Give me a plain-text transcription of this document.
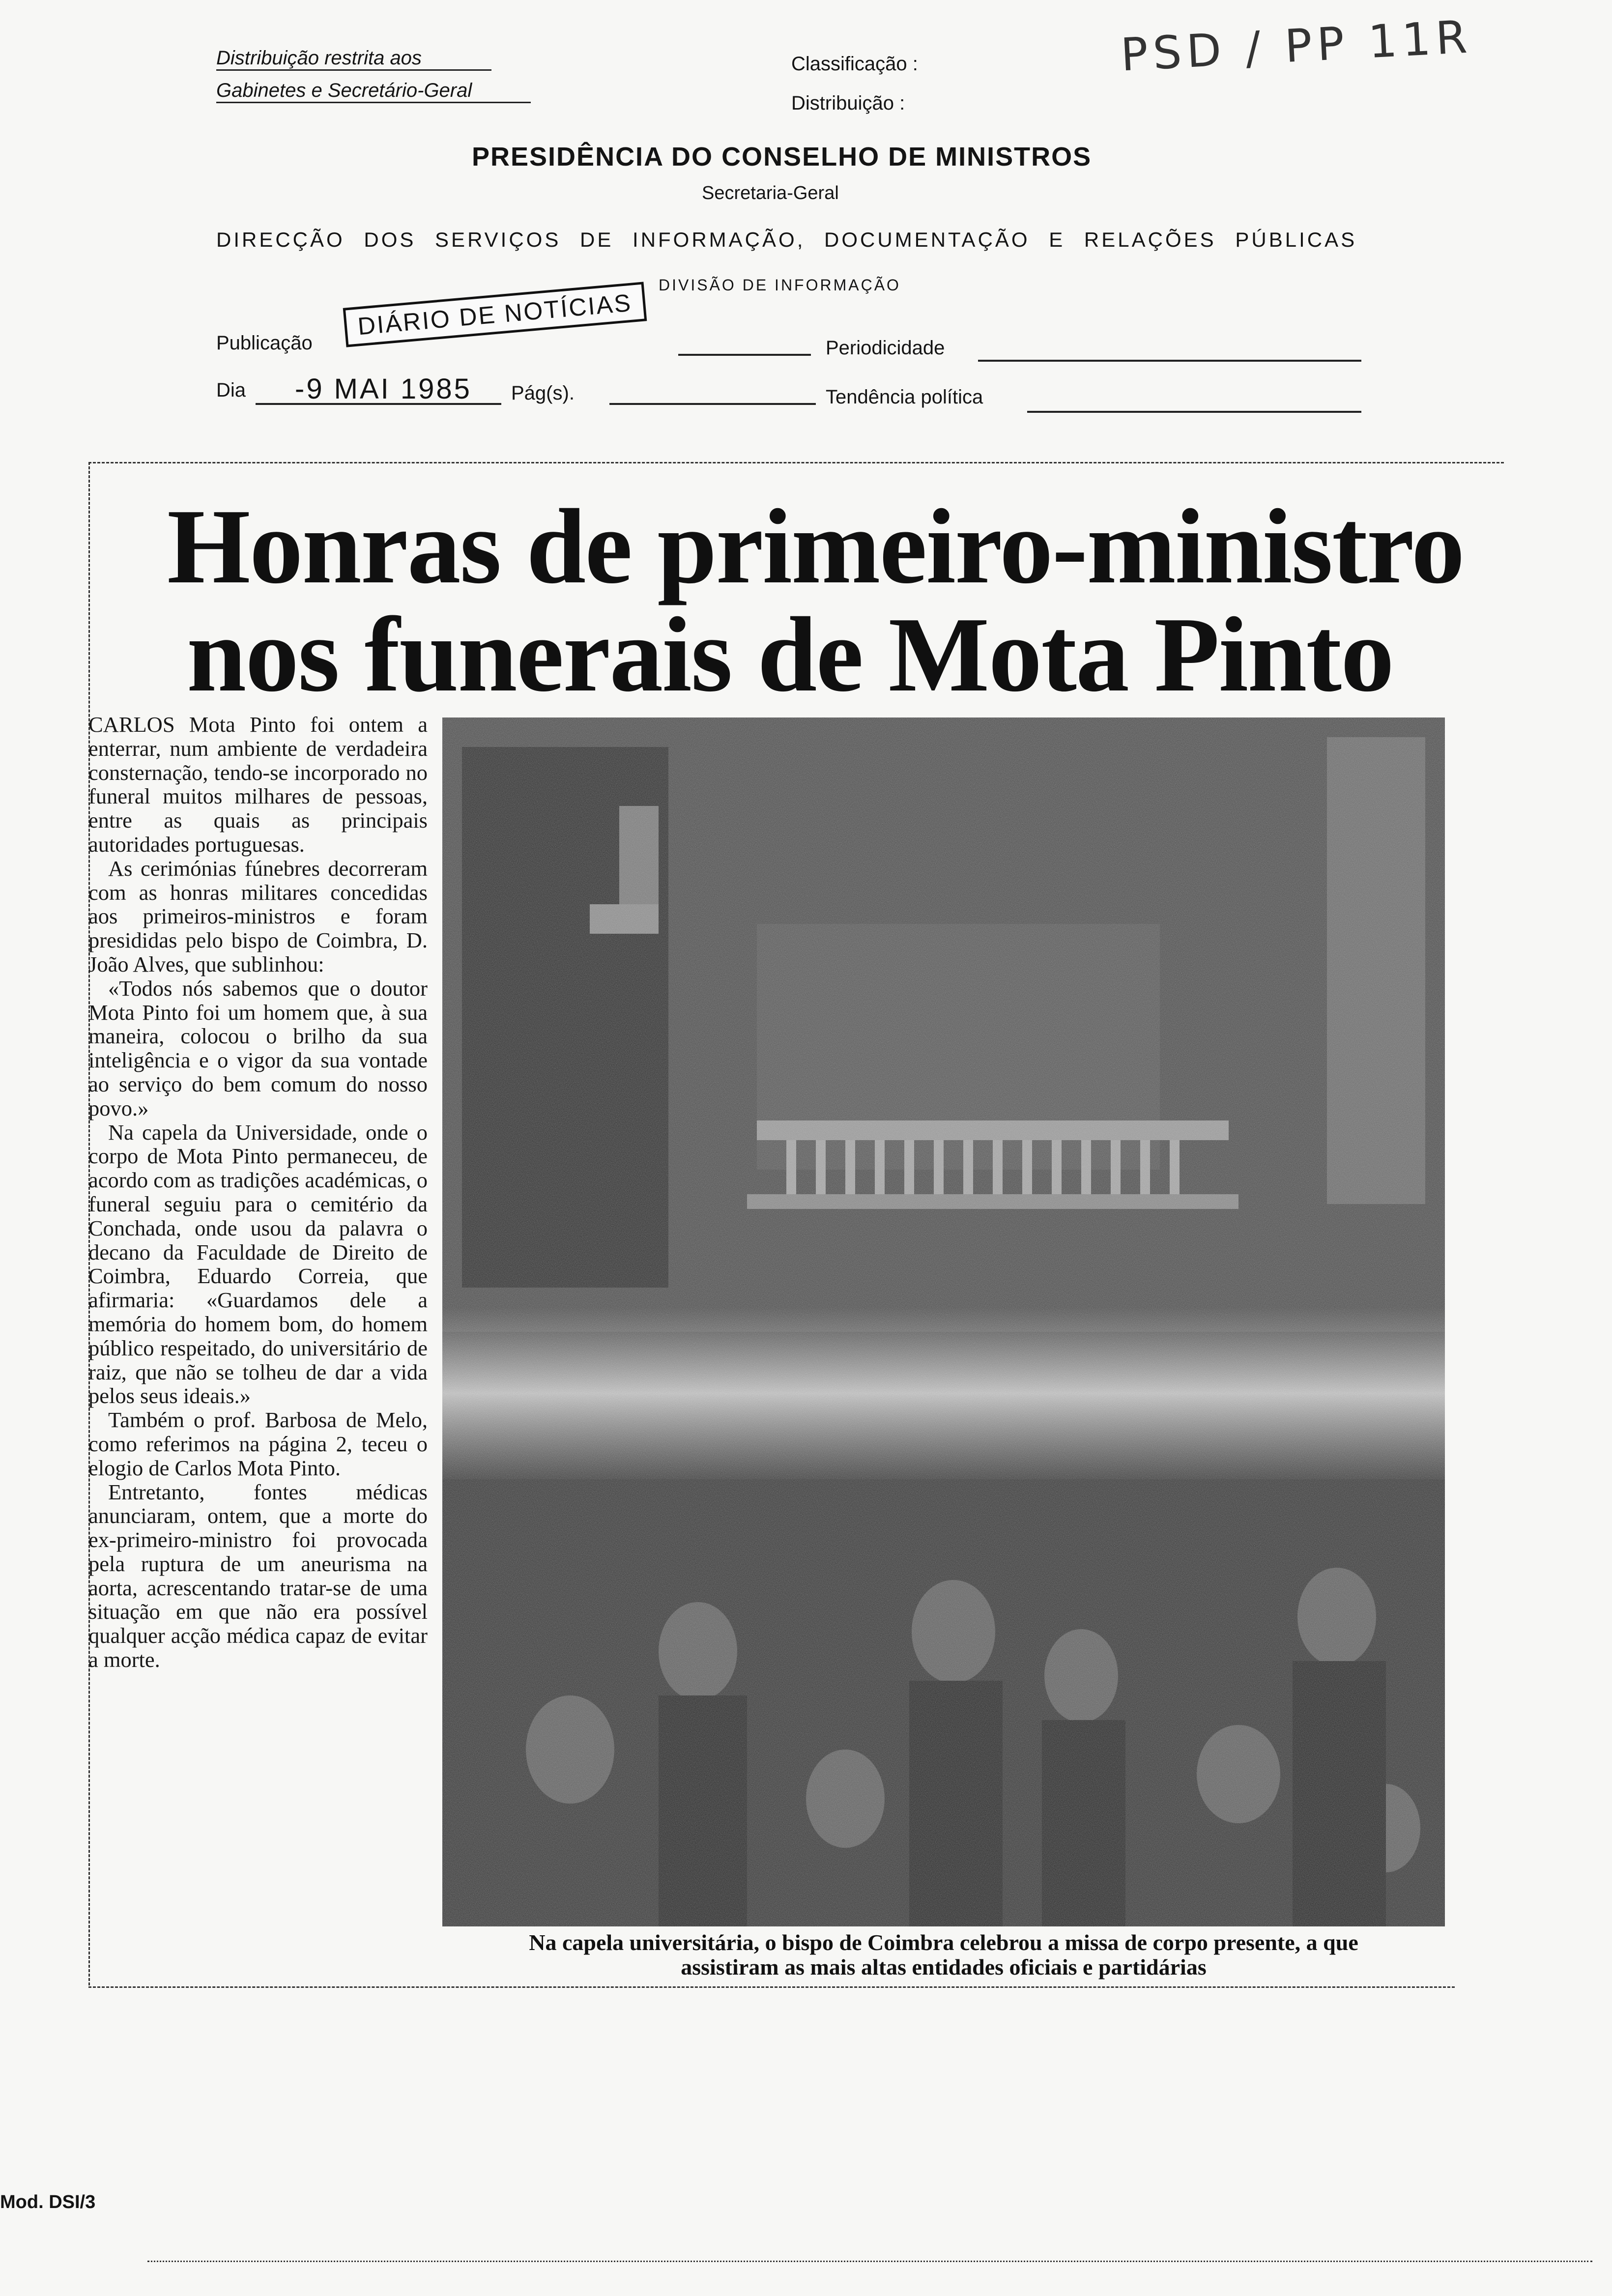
Distribuição restrita aos
Gabinetes e Secretário-Geral
Classificação :
Distribuição :
PSD / PP 11R
PRESIDÊNCIA DO CONSELHO DE MINISTROS
Secretaria-Geral
DIRECÇÃO DOS SERVIÇOS DE INFORMAÇÃO, DOCUMENTAÇÃO E RELAÇÕES PÚBLICAS
DIVISÃO DE INFORMAÇÃO
Publicação
DIÁRIO DE NOTÍCIAS
Periodicidade
Dia -9 MAI 1985 Pág(s).	Tendência política
Honras de primeiro-ministro
nos funerais de Mota Pinto

CARLOS Mota Pinto foi ontem a enterrar, num ambiente de verdadeira consternação, tendo-se incorporado no funeral muitos milhares de pessoas, entre as quais as principais autoridades portuguesas.

As cerimónias fúnebres decorreram com as honras militares concedidas aos primeiros-ministros e foram presididas pelo bispo de Coimbra, D. João Alves, que sublinhou:

«Todos nós sabemos que o doutor Mota Pinto foi um homem que, à sua maneira, colocou o brilho da sua inteligência e o vigor da sua vontade ao serviço do bem comum do nosso povo.»

Na capela da Universidade, onde o corpo de Mota Pinto permaneceu, de acordo com as tradições académicas, o funeral seguiu para o cemitério da Conchada, onde usou da palavra o decano da Faculdade de Direito de Coimbra, Eduardo Correia, que afirmaria: «Guardamos dele a memória do homem bom, do homem público respeitado, do universitário de raiz, que não se tolheu de dar a vida pelos seus ideais.»

Também o prof. Barbosa de Melo, como referimos na página 2, teceu o elogio de Carlos Mota Pinto.

Entretanto, fontes médicas anunciaram, ontem, que a morte do ex-primeiro-ministro foi provocada pela ruptura de um aneurisma na aorta, acrescentando tratar-se de uma situação em que não era possível qualquer acção médica capaz de evitar a morte.

Na capela universitária, o bispo de Coimbra celebrou a missa de corpo presente, a que
assistiram as mais altas entidades oficiais e partidárias
Mod. DSI/3
